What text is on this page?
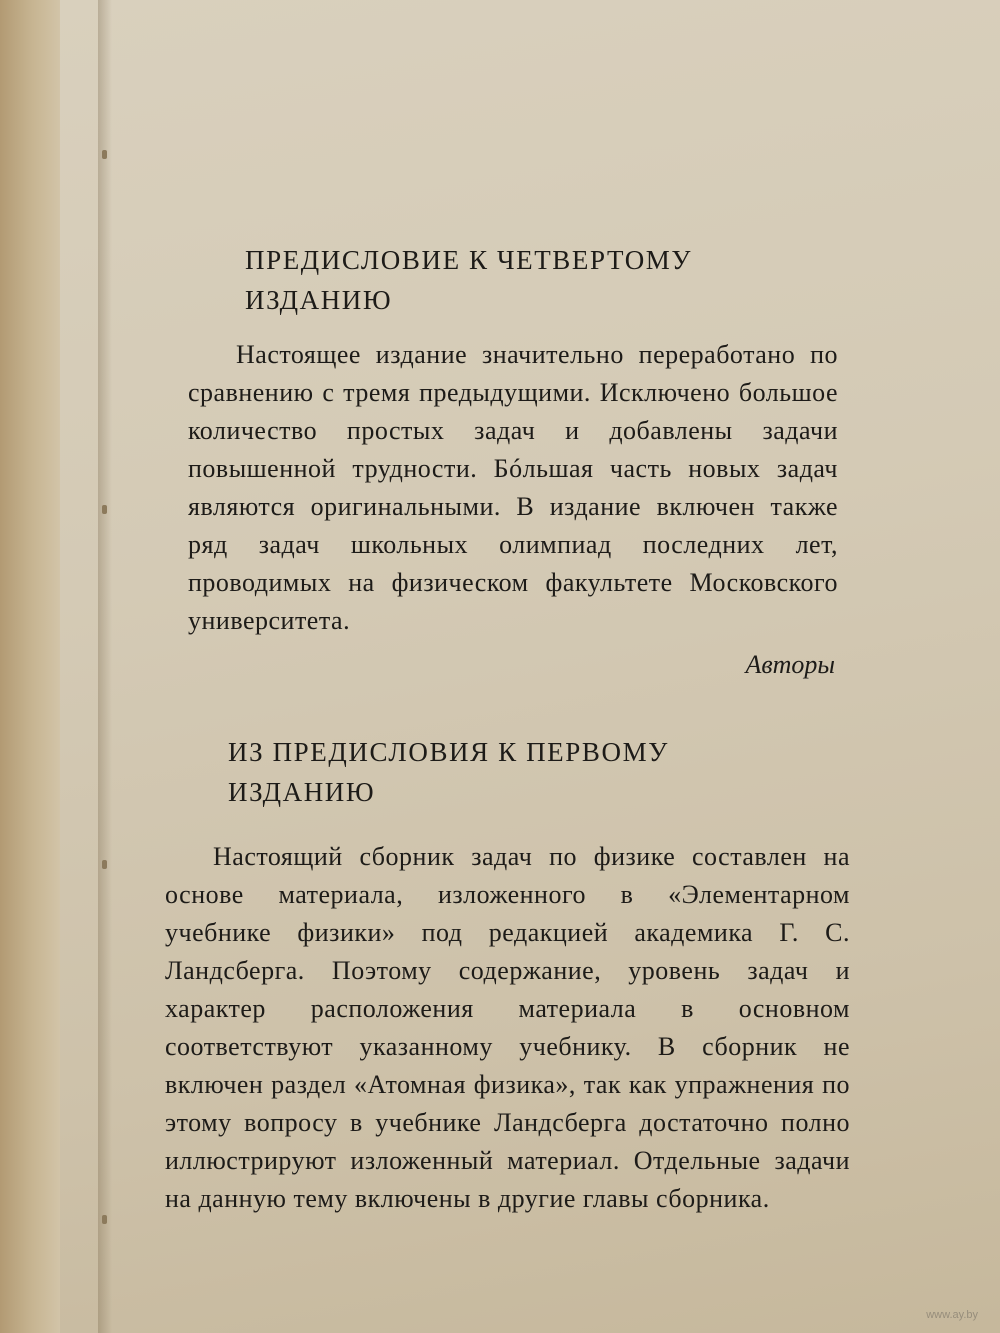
ПРЕДИСЛОВИЕ К ЧЕТВЕРТОМУ
ИЗДАНИЮ

Настоящее издание значительно переработано по сравнению с тремя предыдущими. Исключено большое количество простых задач и добавлены задачи повышенной трудности. Бóльшая часть новых задач являются оригинальными. В издание включен также ряд задач школьных олимпиад последних лет, проводимых на физическом факультете Московского университета.

Авторы
ИЗ ПРЕДИСЛОВИЯ К ПЕРВОМУ
ИЗДАНИЮ

Настоящий сборник задач по физике составлен на основе материала, изложенного в «Элементарном учебнике физики» под редакцией академика Г. С. Ландсберга. Поэтому содержание, уровень задач и характер расположения материала в основном соответствуют указанному учебнику. В сборник не включен раздел «Атомная физика», так как упражнения по этому вопросу в учебнике Ландсберга достаточно полно иллюстрируют изложенный материал. Отдельные задачи на данную тему включены в другие главы сборника.

www.ay.by
